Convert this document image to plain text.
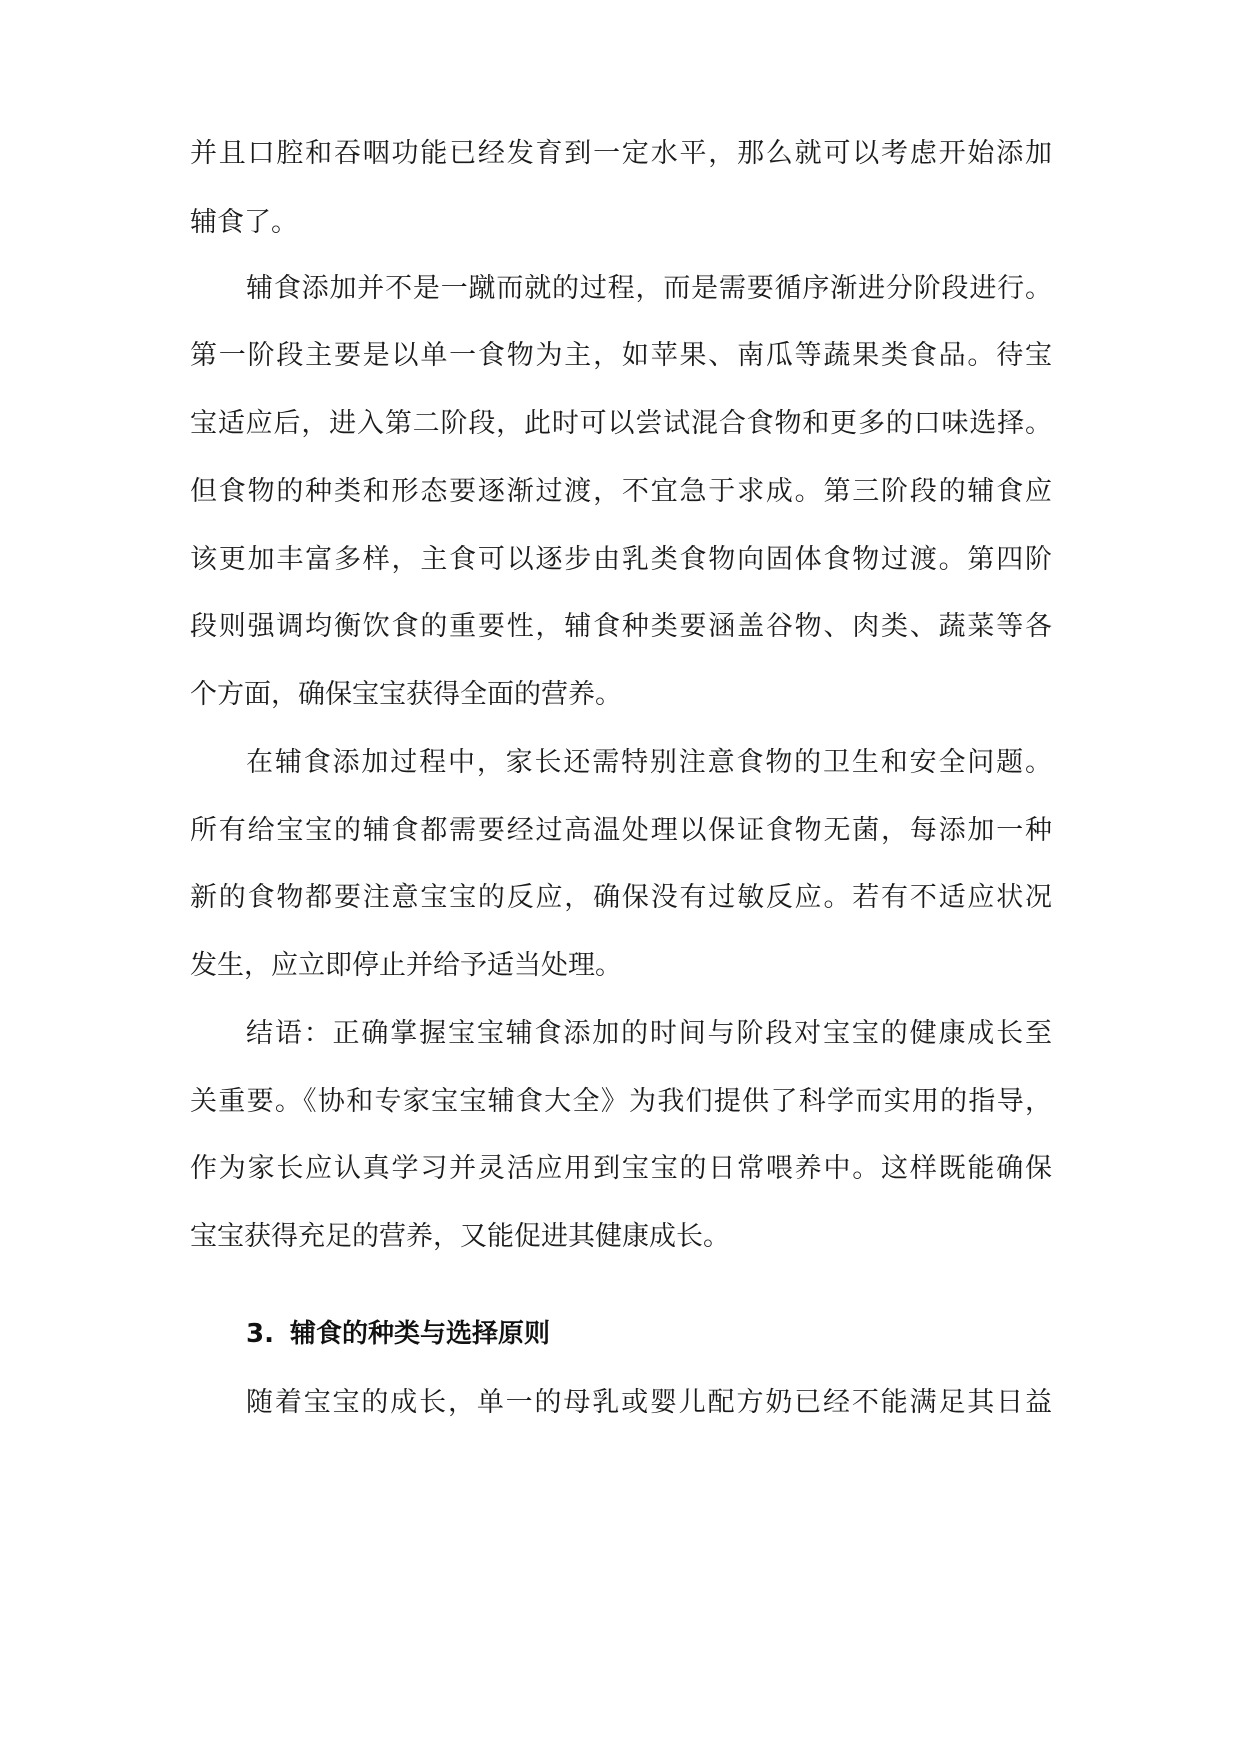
并且口腔和吞咽功能已经发育到一定水平，那么就可以考虑开始添加
辅食了。
辅食添加并不是一蹴而就的过程，而是需要循序渐进分阶段进行。
第一阶段主要是以单一食物为主，如苹果、南瓜等蔬果类食品。待宝
宝适应后，进入第二阶段，此时可以尝试混合食物和更多的口味选择。
但食物的种类和形态要逐渐过渡，不宜急于求成。第三阶段的辅食应
该更加丰富多样，主食可以逐步由乳类食物向固体食物过渡。第四阶
段则强调均衡饮食的重要性，辅食种类要涵盖谷物、肉类、蔬菜等各
个方面，确保宝宝获得全面的营养。
在辅食添加过程中，家长还需特别注意食物的卫生和安全问题。
所有给宝宝的辅食都需要经过高温处理以保证食物无菌，每添加一种
新的食物都要注意宝宝的反应，确保没有过敏反应。若有不适应状况
发生，应立即停止并给予适当处理。
结语：正确掌握宝宝辅食添加的时间与阶段对宝宝的健康成长至
关重要。《协和专家宝宝辅食大全》为我们提供了科学而实用的指导，
作为家长应认真学习并灵活应用到宝宝的日常喂养中。这样既能确保
宝宝获得充足的营养，又能促进其健康成长。
3. 辅食的种类与选择原则
随着宝宝的成长，单一的母乳或婴儿配方奶已经不能满足其日益
